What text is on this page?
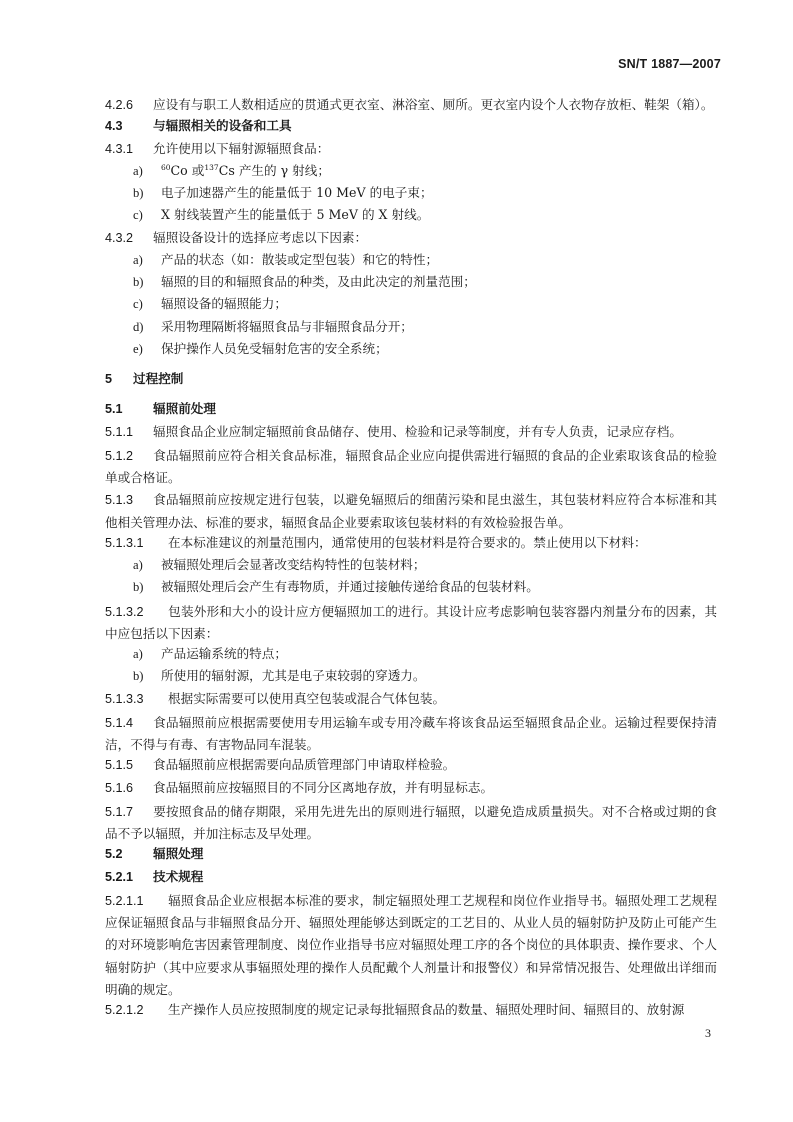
SN/T 1887—2007
4.2.6 应设有与职工人数相适应的贯通式更衣室、淋浴室、厕所。更衣室内设个人衣物存放柜、鞋架（箱）。
4.3 与辐照相关的设备和工具
4.3.1 允许使用以下辐射源辐照食品：
a) $^{60}$Co 或$^{137}$Cs 产生的 γ 射线；
b) 电子加速器产生的能量低于 10 MeV 的电子束；
c) X 射线装置产生的能量低于 5 MeV 的 X 射线。
4.3.2 辐照设备设计的选择应考虑以下因素：
a) 产品的状态（如：散装或定型包装）和它的特性；
b) 辐照的目的和辐照食品的种类，及由此决定的剂量范围；
c) 辐照设备的辐照能力；
d) 采用物理隔断将辐照食品与非辐照食品分开；
e) 保护操作人员免受辐射危害的安全系统；
5 过程控制
5.1 辐照前处理
5.1.1 辐照食品企业应制定辐照前食品储存、使用、检验和记录等制度，并有专人负责，记录应存档。
5.1.2 食品辐照前应符合相关食品标准，辐照食品企业应向提供需进行辐照的食品的企业索取该食品的检验单或合格证。
5.1.3 食品辐照前应按规定进行包装，以避免辐照后的细菌污染和昆虫滋生，其包装材料应符合本标准和其他相关管理办法、标准的要求，辐照食品企业要索取该包装材料的有效检验报告单。
5.1.3.1 在本标准建议的剂量范围内，通常使用的包装材料是符合要求的。禁止使用以下材料：
a) 被辐照处理后会显著改变结构特性的包装材料；
b) 被辐照处理后会产生有毒物质，并通过接触传递给食品的包装材料。
5.1.3.2 包装外形和大小的设计应方便辐照加工的进行。其设计应考虑影响包装容器内剂量分布的因素，其中应包括以下因素：
a) 产品运输系统的特点；
b) 所使用的辐射源，尤其是电子束较弱的穿透力。
5.1.3.3 根据实际需要可以使用真空包装或混合气体包装。
5.1.4 食品辐照前应根据需要使用专用运输车或专用冷藏车将该食品运至辐照食品企业。运输过程要保持清洁，不得与有毒、有害物品同车混装。
5.1.5 食品辐照前应根据需要向品质管理部门申请取样检验。
5.1.6 食品辐照前应按辐照目的不同分区离地存放，并有明显标志。
5.1.7 要按照食品的储存期限，采用先进先出的原则进行辐照，以避免造成质量损失。对不合格或过期的食品不予以辐照，并加注标志及早处理。
5.2 辐照处理
5.2.1 技术规程
5.2.1.1 辐照食品企业应根据本标准的要求，制定辐照处理工艺规程和岗位作业指导书。辐照处理工艺规程应保证辐照食品与非辐照食品分开、辐照处理能够达到既定的工艺目的、从业人员的辐射防护及防止可能产生的对环境影响危害因素管理制度、岗位作业指导书应对辐照处理工序的各个岗位的具体职责、操作要求、个人辐射防护（其中应要求从事辐照处理的操作人员配戴个人剂量计和报警仪）和异常情况报告、处理做出详细而明确的规定。
5.2.1.2 生产操作人员应按照制度的规定记录每批辐照食品的数量、辐照处理时间、辐照目的、放射源
3
